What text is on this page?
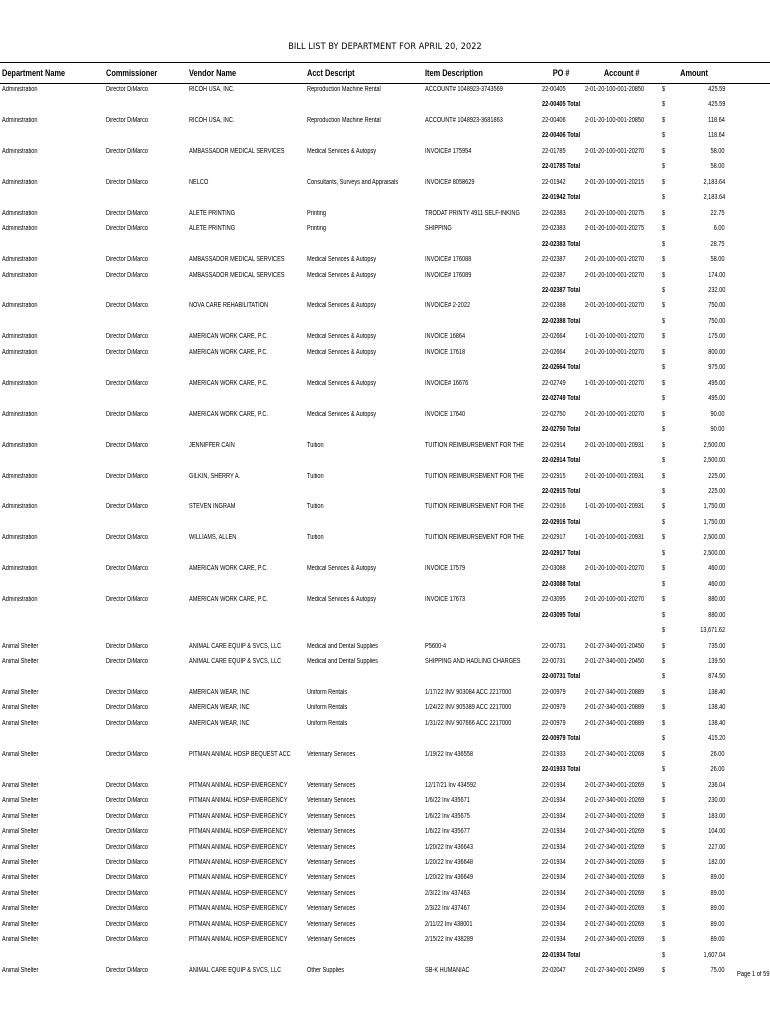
BILL LIST BY DEPARTMENT FOR APRIL 20, 2022
Department Name	Commissioner	Vendor Name	Acct Descript	Item Description	PO #	Account #	Amount
Administration	Director DiMarco	RICOH USA, INC.	Reproduction Machine Rental	ACCOUNT# 1048923-3743569	22-00405	2-01-20-100-001-20850	$	425.59
22-00405 Total	$	425.59
Administration	Director DiMarco	RICOH USA, INC.	Reproduction Machine Rental	ACCOUNT# 1048923-3681863	22-00406	2-01-20-100-001-20850	$	118.64
22-00406 Total	$	118.64
Administration	Director DiMarco	AMBASSADOR MEDICAL SERVICES	Medical Services & Autopsy	INVOICE# 175954	22-01785	2-01-20-100-001-20270	$	58.00
22-01785 Total	$	58.00
Administration	Director DiMarco	NELCO	Consultants, Surveys and Appraisals	INVOICE# 8058629	22-01942	2-01-20-100-001-20215	$	2,183.64
22-01942 Total	$	2,183.64
Administration	Director DiMarco	ALETE PRINTING	Printing	TRODAT PRINTY 4911 SELF-INKING	22-02383	2-01-20-100-001-20275	$	22.75
Administration	Director DiMarco	ALETE PRINTING	Printing	SHIPPING	22-02383	2-01-20-100-001-20275	$	6.00
22-02383 Total	$	28.75
Administration	Director DiMarco	AMBASSADOR MEDICAL SERVICES	Medical Services & Autopsy	INVOICE# 176088	22-02387	2-01-20-100-001-20270	$	58.00
Administration	Director DiMarco	AMBASSADOR MEDICAL SERVICES	Medical Services & Autopsy	INVOICE# 176089	22-02387	2-01-20-100-001-20270	$	174.00
22-02387 Total	$	232.00
Administration	Director DiMarco	NOVA CARE REHABILITATION	Medical Services & Autopsy	INVOICE# 2-2022	22-02388	2-01-20-100-001-20270	$	750.00
22-02388 Total	$	750.00
Administration	Director DiMarco	AMERICAN WORK CARE, P.C.	Medical Services & Autopsy	INVOICE 16864	22-02664	1-01-20-100-001-20270	$	175.00
Administration	Director DiMarco	AMERICAN WORK CARE, P.C.	Medical Services & Autopsy	INVOICE 17618	22-02664	2-01-20-100-001-20270	$	800.00
22-02664 Total	$	975.00
Administration	Director DiMarco	AMERICAN WORK CARE, P.C.	Medical Services & Autopsy	INVOICE# 16676	22-02749	1-01-20-100-001-20270	$	495.00
22-02749 Total	$	495.00
Administration	Director DiMarco	AMERICAN WORK CARE, P.C.	Medical Services & Autopsy	INVOICE 17640	22-02750	2-01-20-100-001-20270	$	90.00
22-02750 Total	$	90.00
Administration	Director DiMarco	JENNIFFER CAIN	Tuition	TUITION REIMBURSEMENT FOR THE	22-02914	2-01-20-100-001-20931	$	2,500.00
22-02914 Total	$	2,500.00
Administration	Director DiMarco	GILKIN, SHERRY A.	Tuition	TUITION REIMBURSEMENT FOR THE	22-02915	2-01-20-100-001-20931	$	225.00
22-02915 Total	$	225.00
Administration	Director DiMarco	STEVEN INGRAM	Tuition	TUITION REIMBURSEMENT FOR THE	22-02916	1-01-20-100-001-20931	$	1,750.00
22-02916 Total	$	1,750.00
Administration	Director DiMarco	WILLIAMS, ALLEN	Tuition	TUITION REIMBURSEMENT FOR THE	22-02917	1-01-20-100-001-20931	$	2,500.00
22-02917 Total	$	2,500.00
Administration	Director DiMarco	AMERICAN WORK CARE, P.C.	Medical Services & Autopsy	INVOICE 17579	22-03088	2-01-20-100-001-20270	$	460.00
22-03088 Total	$	460.00
Administration	Director DiMarco	AMERICAN WORK CARE, P.C.	Medical Services & Autopsy	INVOICE 17673	22-03095	2-01-20-100-001-20270	$	880.00
22-03095 Total	$	880.00
$	13,671.62
Animal Shelter	Director DiMarco	ANIMAL CARE EQUIP & SVCS, LLC	Medical and Dental Supplies	P5600-4	22-00731	2-01-27-340-001-20450	$	735.00
Animal Shelter	Director DiMarco	ANIMAL CARE EQUIP & SVCS, LLC	Medical and Dental Supplies	SHIPPING AND HADLING CHARGES	22-00731	2-01-27-340-001-20450	$	139.50
22-00731 Total	$	874.50
Animal Shelter	Director DiMarco	AMERICAN WEAR, INC	Uniform Rentals	1/17/22 INV 903084 ACC 2217000	22-00979	2-01-27-340-001-20889	$	138.40
Animal Shelter	Director DiMarco	AMERICAN WEAR, INC	Uniform Rentals	1/24/22 INV 905389 ACC 2217000	22-00979	2-01-27-340-001-20889	$	138.40
Animal Shelter	Director DiMarco	AMERICAN WEAR, INC	Uniform Rentals	1/31/22 INV 907666 ACC 2217000	22-00979	2-01-27-340-001-20889	$	138.40
22-00979 Total	$	415.20
Animal Shelter	Director DiMarco	PITMAN ANIMAL HOSP BEQUEST ACC Veterinary Services	1/19/22 Inv 436558	22-01933	2-01-27-340-001-20269	$	26.00
22-01933 Total	$	26.00
Animal Shelter	Director DiMarco	PITMAN ANIMAL HOSP-EMERGENCY	Veterinary Services	12/17/21 Inv 434592	22-01934	2-01-27-340-001-20269	$	236.04
Animal Shelter	Director DiMarco	PITMAN ANIMAL HOSP-EMERGENCY	Veterinary Services	1/6/22 Inv 435671	22-01934	2-01-27-340-001-20269	$	230.00
Animal Shelter	Director DiMarco	PITMAN ANIMAL HOSP-EMERGENCY	Veterinary Services	1/6/22 Inv 435675	22-01934	2-01-27-340-001-20269	$	183.00
Animal Shelter	Director DiMarco	PITMAN ANIMAL HOSP-EMERGENCY	Veterinary Services	1/6/22 Inv 435677	22-01934	2-01-27-340-001-20269	$	104.00
Animal Shelter	Director DiMarco	PITMAN ANIMAL HOSP-EMERGENCY	Veterinary Services	1/20/22 Inv 436643	22-01934	2-01-27-340-001-20269	$	227.00
Animal Shelter	Director DiMarco	PITMAN ANIMAL HOSP-EMERGENCY	Veterinary Services	1/20/22 Inv 436648	22-01934	2-01-27-340-001-20269	$	182.00
Animal Shelter	Director DiMarco	PITMAN ANIMAL HOSP-EMERGENCY	Veterinary Services	1/20/22 Inv 436649	22-01934	2-01-27-340-001-20269	$	89.00
Animal Shelter	Director DiMarco	PITMAN ANIMAL HOSP-EMERGENCY	Veterinary Services	2/3/22 Inv 437463	22-01934	2-01-27-340-001-20269	$	89.00
Animal Shelter	Director DiMarco	PITMAN ANIMAL HOSP-EMERGENCY	Veterinary Services	2/3/22 Inv 437467	22-01934	2-01-27-340-001-20269	$	89.00
Animal Shelter	Director DiMarco	PITMAN ANIMAL HOSP-EMERGENCY	Veterinary Services	2/11/22 Inv 438001	22-01934	2-01-27-340-001-20269	$	89.00
Animal Shelter	Director DiMarco	PITMAN ANIMAL HOSP-EMERGENCY	Veterinary Services	2/15/22 Inv 438289	22-01934	2-01-27-340-001-20269	$	89.00
22-01934 Total	$	1,607.04
Animal Shelter	Director DiMarco	ANIMAL CARE EQUIP & SVCS, LLC	Other Supplies	SB-K HUMANIAC	22-02047	2-01-27-340-001-20499	$	75.00
Page 1 of 59
